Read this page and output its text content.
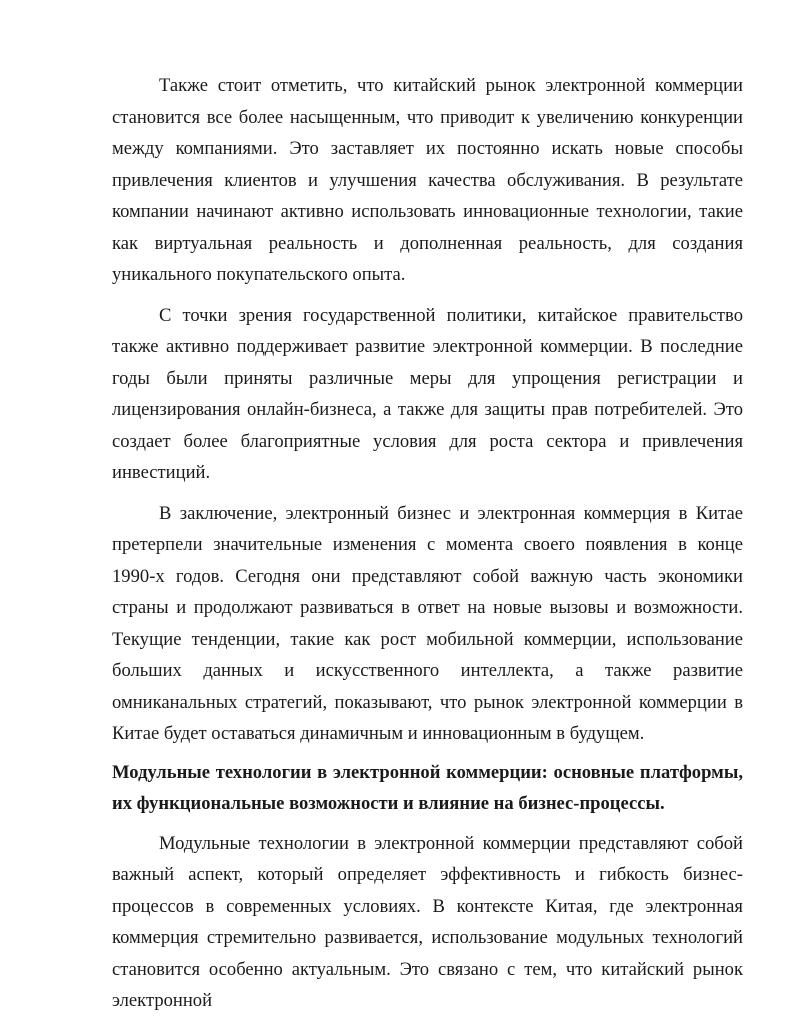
Также стоит отметить, что китайский рынок электронной коммерции становится все более насыщенным, что приводит к увеличению конкуренции между компаниями. Это заставляет их постоянно искать новые способы привлечения клиентов и улучшения качества обслуживания. В результате компании начинают активно использовать инновационные технологии, такие как виртуальная реальность и дополненная реальность, для создания уникального покупательского опыта.

С точки зрения государственной политики, китайское правительство также активно поддерживает развитие электронной коммерции. В последние годы были приняты различные меры для упрощения регистрации и лицензирования онлайн-бизнеса, а также для защиты прав потребителей. Это создает более благоприятные условия для роста сектора и привлечения инвестиций.

В заключение, электронный бизнес и электронная коммерция в Китае претерпели значительные изменения с момента своего появления в конце 1990-х годов. Сегодня они представляют собой важную часть экономики страны и продолжают развиваться в ответ на новые вызовы и возможности. Текущие тенденции, такие как рост мобильной коммерции, использование больших данных и искусственного интеллекта, а также развитие омниканальных стратегий, показывают, что рынок электронной коммерции в Китае будет оставаться динамичным и инновационным в будущем.

Модульные технологии в электронной коммерции: основные платформы, их функциональные возможности и влияние на бизнес-процессы.

Модульные технологии в электронной коммерции представляют собой важный аспект, который определяет эффективность и гибкость бизнес-процессов в современных условиях. В контексте Китая, где электронная коммерция стремительно развивается, использование модульных технологий становится особенно актуальным. Это связано с тем, что китайский рынок электронной
